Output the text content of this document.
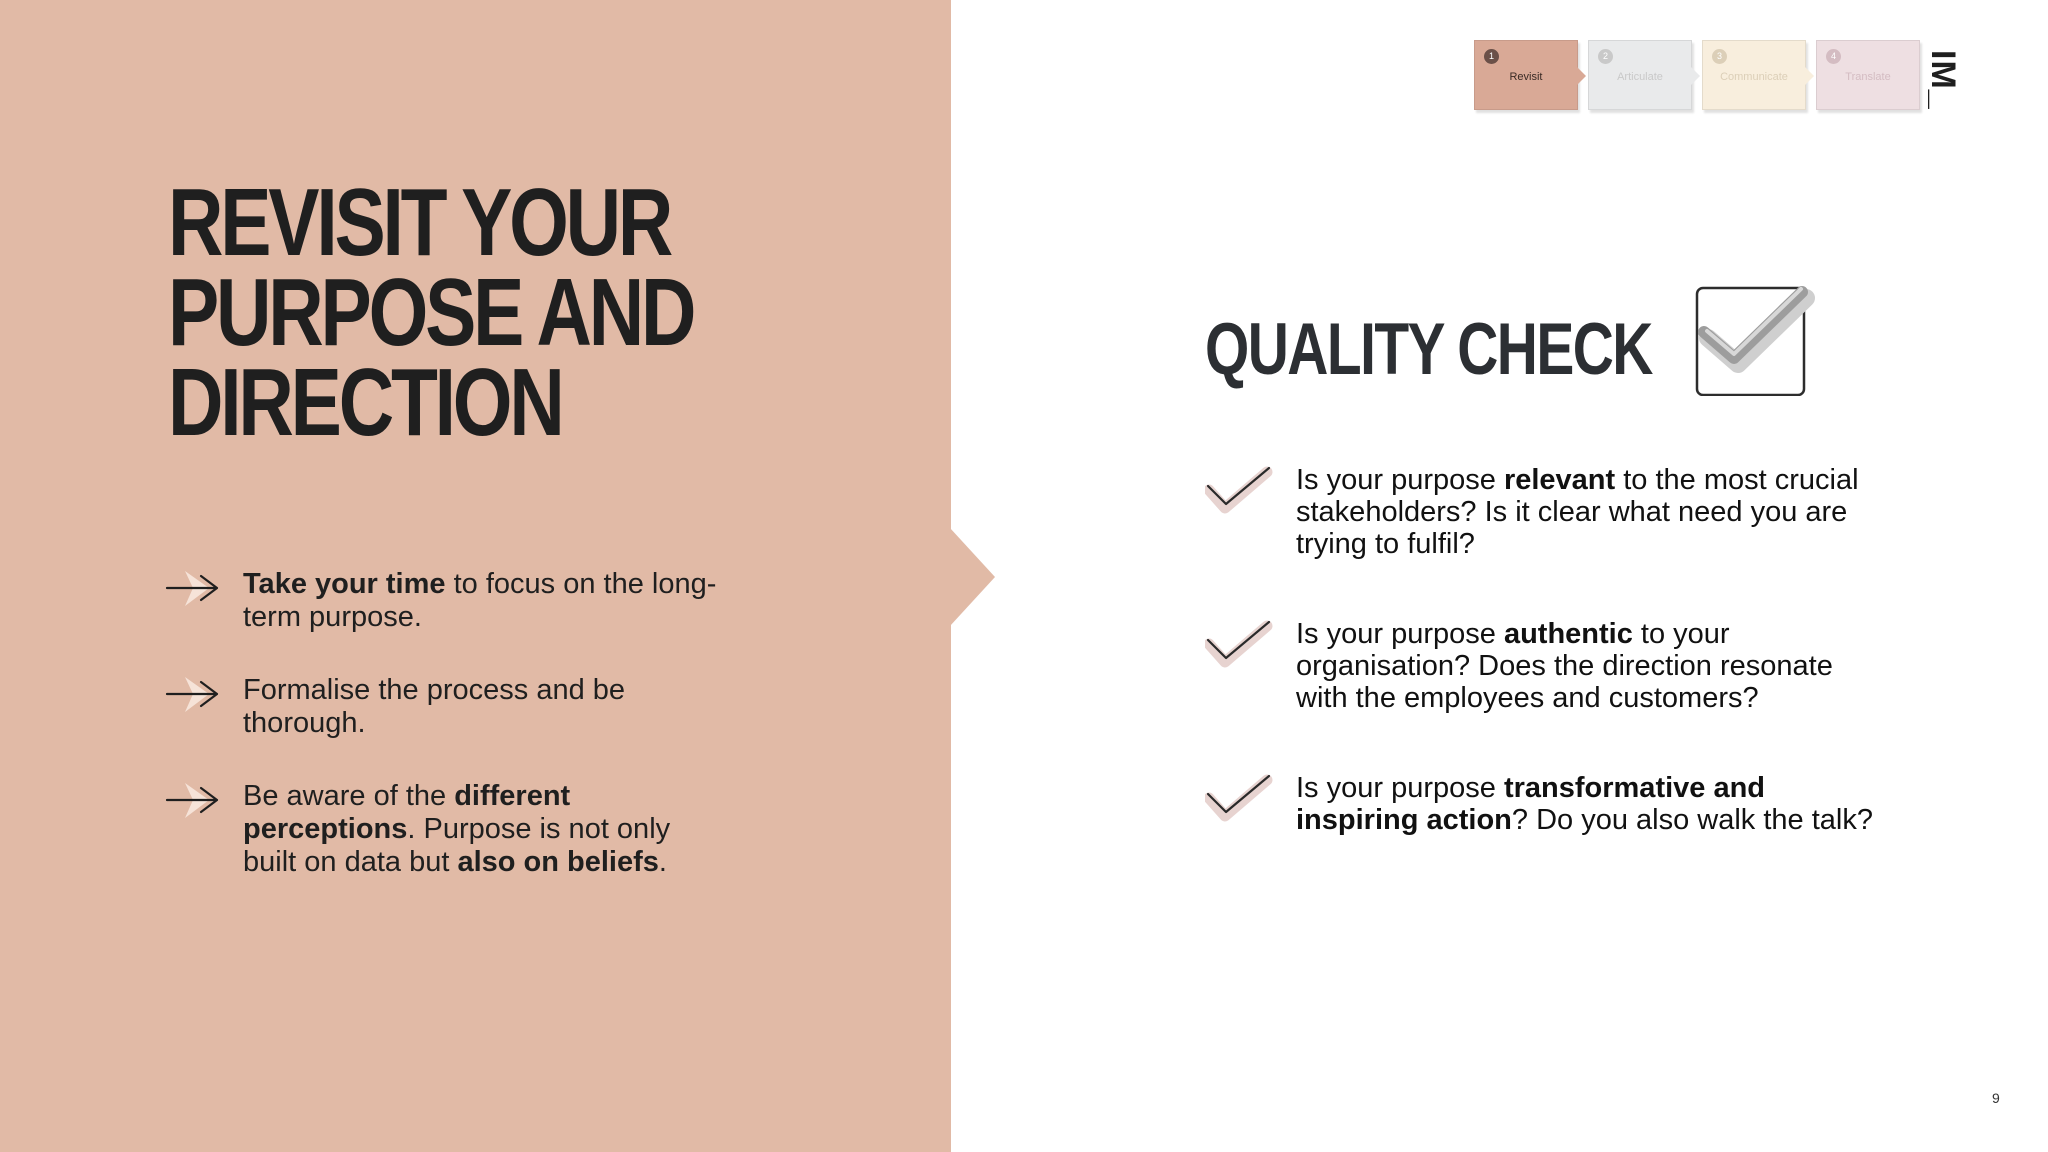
REVISIT YOUR
PURPOSE AND
DIRECTION

Take your time to focus on the long-term purpose.

Formalise the process and be thorough.

Be aware of the different perceptions. Purpose is not only built on data but also on beliefs.

1
Revisit
2
Articulate
3
Communicate
4
Translate IM_
QUALITY CHECK

Is your purpose relevant to the most crucial stakeholders? Is it clear what need you are trying to fulfil?

Is your purpose authentic to your organisation? Does the direction resonate with the employees and customers?

Is your purpose transformative and inspiring action? Do you also walk the talk?

9
